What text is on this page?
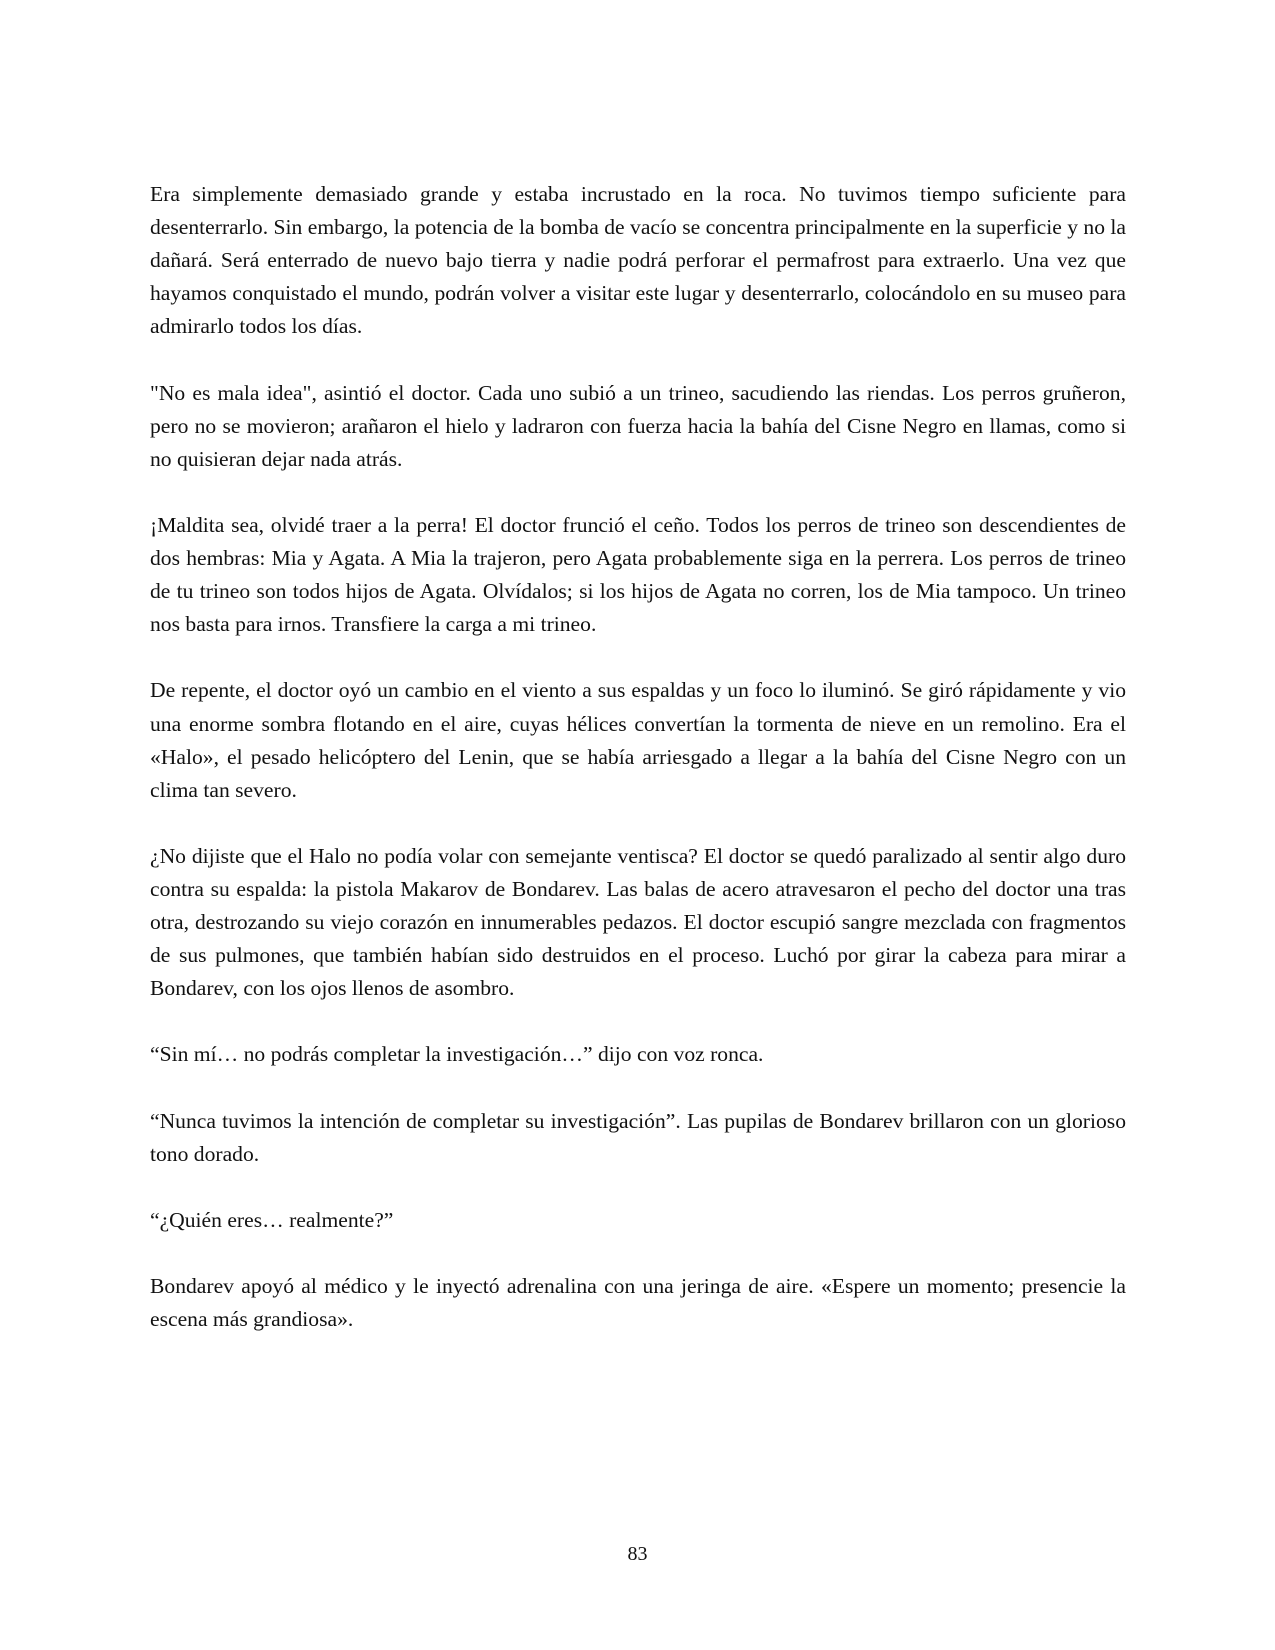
Era simplemente demasiado grande y estaba incrustado en la roca. No tuvimos tiempo suficiente para desenterrarlo. Sin embargo, la potencia de la bomba de vacío se concentra principalmente en la superficie y no la dañará. Será enterrado de nuevo bajo tierra y nadie podrá perforar el permafrost para extraerlo. Una vez que hayamos conquistado el mundo, podrán volver a visitar este lugar y desenterrarlo, colocándolo en su museo para admirarlo todos los días.

"No es mala idea", asintió el doctor. Cada uno subió a un trineo, sacudiendo las riendas. Los perros gruñeron, pero no se movieron; arañaron el hielo y ladraron con fuerza hacia la bahía del Cisne Negro en llamas, como si no quisieran dejar nada atrás.

¡Maldita sea, olvidé traer a la perra! El doctor frunció el ceño. Todos los perros de trineo son descendientes de dos hembras: Mia y Agata. A Mia la trajeron, pero Agata probablemente siga en la perrera. Los perros de trineo de tu trineo son todos hijos de Agata. Olvídalos; si los hijos de Agata no corren, los de Mia tampoco. Un trineo nos basta para irnos. Transfiere la carga a mi trineo.

De repente, el doctor oyó un cambio en el viento a sus espaldas y un foco lo iluminó. Se giró rápidamente y vio una enorme sombra flotando en el aire, cuyas hélices convertían la tormenta de nieve en un remolino. Era el «Halo», el pesado helicóptero del Lenin, que se había arriesgado a llegar a la bahía del Cisne Negro con un clima tan severo.

¿No dijiste que el Halo no podía volar con semejante ventisca? El doctor se quedó paralizado al sentir algo duro contra su espalda: la pistola Makarov de Bondarev. Las balas de acero atravesaron el pecho del doctor una tras otra, destrozando su viejo corazón en innumerables pedazos. El doctor escupió sangre mezclada con fragmentos de sus pulmones, que también habían sido destruidos en el proceso. Luchó por girar la cabeza para mirar a Bondarev, con los ojos llenos de asombro.

“Sin mí… no podrás completar la investigación…” dijo con voz ronca.

“Nunca tuvimos la intención de completar su investigación”. Las pupilas de Bondarev brillaron con un glorioso tono dorado.

“¿Quién eres… realmente?”

Bondarev apoyó al médico y le inyectó adrenalina con una jeringa de aire. «Espere un momento; presencie la escena más grandiosa».

83
